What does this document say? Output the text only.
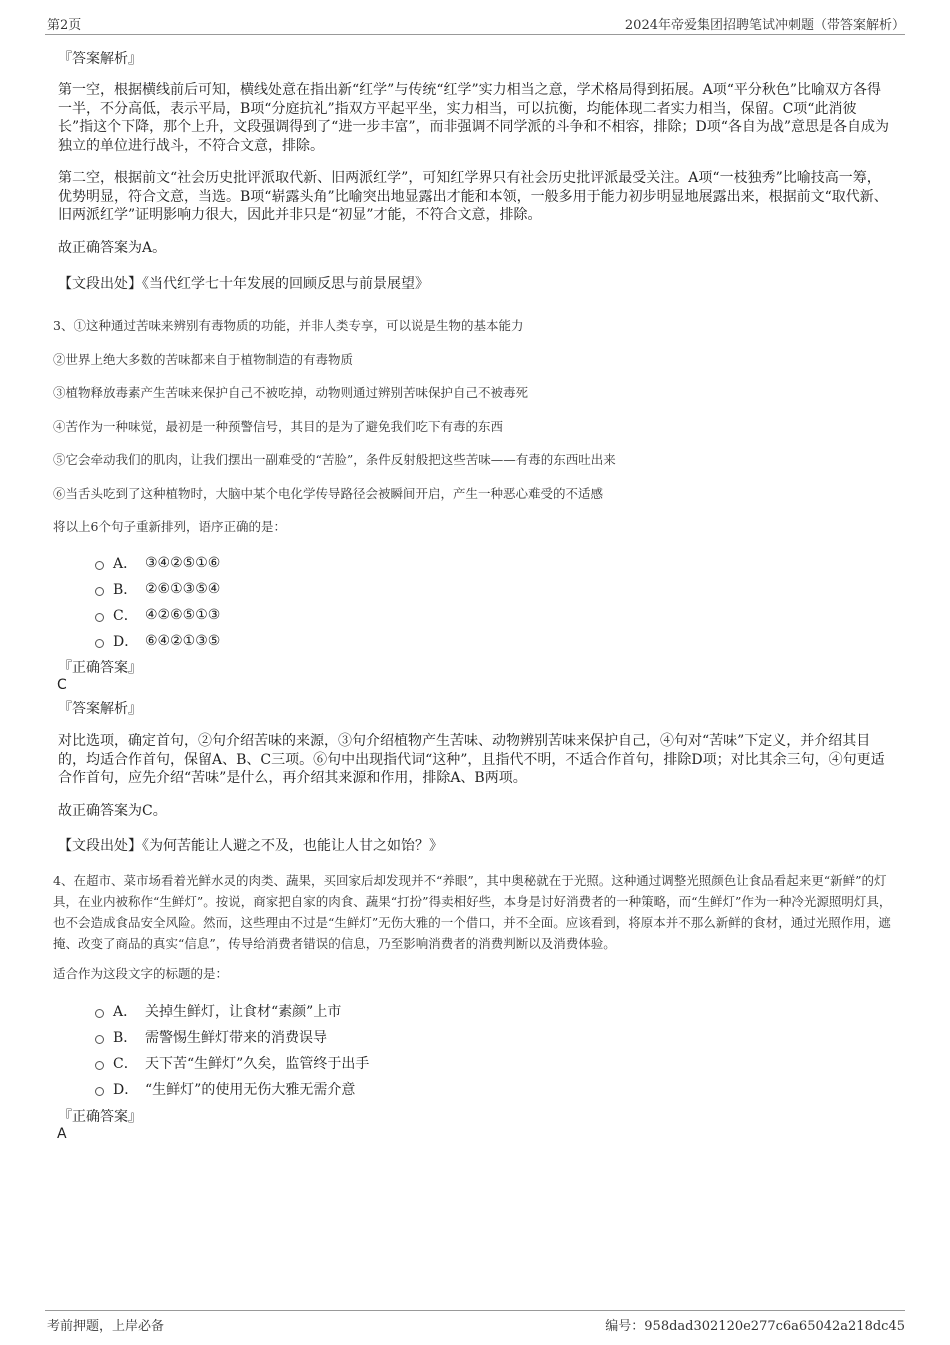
第2页	2024年帝爱集团招聘笔试冲刺题（带答案解析）
『答案解析』
第一空，根据横线前后可知，横线处意在指出新“红学”与传统“红学”实力相当之意，学术格局得到拓展。A项“平分秋色”比喻双方各得一半，不分高低，表示平局，B项“分庭抗礼”指双方平起平坐，实力相当，可以抗衡，均能体现二者实力相当，保留。C项“此消彼长”指这个下降，那个上升，文段强调得到了“进一步丰富”，而非强调不同学派的斗争和不相容，排除；D项“各自为战”意思是各自成为独立的单位进行战斗，不符合文意，排除。
第二空，根据前文“社会历史批评派取代新、旧两派红学”，可知红学界只有社会历史批评派最受关注。A项“一枝独秀”比喻技高一筹，优势明显，符合文意，当选。B项“崭露头角”比喻突出地显露出才能和本领，一般多用于能力初步明显地展露出来，根据前文“取代新、旧两派红学”证明影响力很大，因此并非只是“初显”才能，不符合文意，排除。
故正确答案为A。
【文段出处】《当代红学七十年发展的回顾反思与前景展望》
3、①这种通过苦味来辨别有毒物质的功能，并非人类专享，可以说是生物的基本能力
②世界上绝大多数的苦味都来自于植物制造的有毒物质
③植物释放毒素产生苦味来保护自己不被吃掉，动物则通过辨别苦味保护自己不被毒死
④苦作为一种味觉，最初是一种预警信号，其目的是为了避免我们吃下有毒的东西
⑤它会牵动我们的肌肉，让我们摆出一副难受的“苦脸”，条件反射般把这些苦味——有毒的东西吐出来
⑥当舌头吃到了这种植物时，大脑中某个电化学传导路径会被瞬间开启，产生一种恶心难受的不适感
将以上6个句子重新排列，语序正确的是：
A． ③④②⑤①⑥
B． ②⑥①③⑤④
C． ④②⑥⑤①③
D． ⑥④②①③⑤
『正确答案』
C
『答案解析』
对比选项，确定首句，②句介绍苦味的来源，③句介绍植物产生苦味、动物辨别苦味来保护自己，④句对“苦味”下定义，并介绍其目的，均适合作首句，保留A、B、C三项。⑥句中出现指代词“这种”，且指代不明，不适合作首句，排除D项；对比其余三句，④句更适合作首句，应先介绍“苦味”是什么，再介绍其来源和作用，排除A、B两项。
故正确答案为C。
【文段出处】《为何苦能让人避之不及，也能让人甘之如饴？》
4、在超市、菜市场看着光鲜水灵的肉类、蔬果，买回家后却发现并不“养眼”，其中奥秘就在于光照。这种通过调整光照颜色让食品看起来更“新鲜”的灯具，在业内被称作“生鲜灯”。按说，商家把自家的肉食、蔬果“打扮”得卖相好些，本身是讨好消费者的一种策略，而“生鲜灯”作为一种冷光源照明灯具，也不会造成食品安全风险。然而，这些理由不过是“生鲜灯”无伤大雅的一个借口，并不全面。应该看到，将原本并不那么新鲜的食材，通过光照作用，遮掩、改变了商品的真实“信息”，传导给消费者错误的信息，乃至影响消费者的消费判断以及消费体验。
适合作为这段文字的标题的是：
A． 关掉生鲜灯，让食材“素颜”上市
B． 需警惕生鲜灯带来的消费误导
C． 天下苦“生鲜灯”久矣，监管终于出手
D． “生鲜灯”的使用无伤大雅无需介意
『正确答案』
A
考前押题，上岸必备	编号：958dad302120e277c6a65042a218dc45
